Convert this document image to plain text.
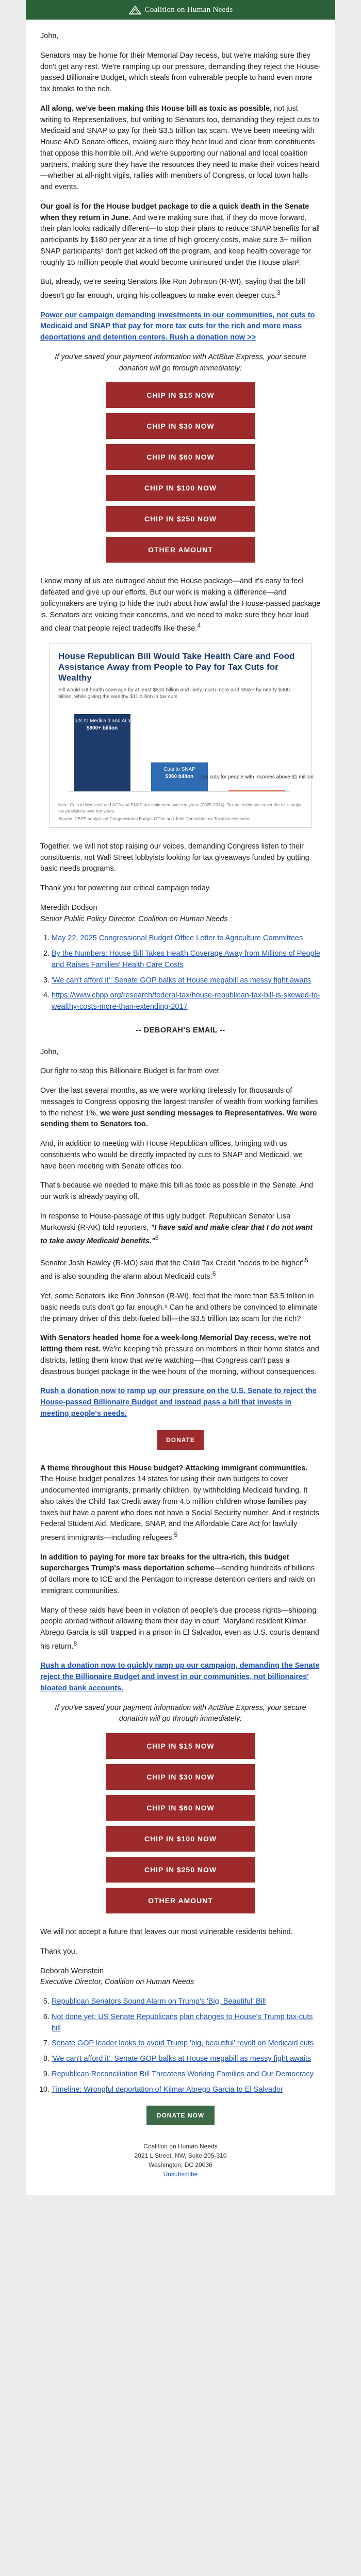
Coalition on Human Needs

John,

Senators may be home for their Memorial Day recess, but we're making sure they don't get any rest. We're ramping up our pressure, demanding they reject the House-passed Billionaire Budget, which steals from vulnerable people to hand even more tax breaks to the rich.

All along, we've been making this House bill as toxic as possible, not just writing to Representatives, but writing to Senators too, demanding they reject cuts to Medicaid and SNAP to pay for their $3.5 trillion tax scam. We've been meeting with House AND Senate offices, making sure they hear loud and clear from constituents that oppose this horrible bill. And we're supporting our national and local coalition partners, making sure they have the resources they need to make their voices heard—whether at all-night vigils, rallies with members of Congress, or local town halls and events.

Our goal is for the House budget package to die a quick death in the Senate when they return in June. And we're making sure that, if they do move forward, their plan looks radically different—to stop their plans to reduce SNAP benefits for all participants by $180 per year at a time of high grocery costs, make sure 3+ million SNAP participants¹ don't get kicked off the program, and keep health coverage for roughly 15 million people that would become uninsured under the House plan².

But, already, we're seeing Senators like Ron Johnson (R-WI), saying that the bill doesn't go far enough, urging his colleagues to make even deeper cuts.$^3$

Power our campaign demanding investments in our communities, not cuts to Medicaid and SNAP that pay for more tax cuts for the rich and more mass deportations and detention centers. Rush a donation now >>

If you've saved your payment information with ActBlue Express, your secure donation will go through immediately:

CHIP IN $15 NOW
CHIP IN $30 NOW
CHIP IN $60 NOW
CHIP IN $100 NOW
CHIP IN $250 NOW
OTHER AMOUNT

I know many of us are outraged about the House package—and it's easy to feel defeated and give up our efforts. But our work is making a difference—and policymakers are trying to hide the truth about how awful the House-passed package is. Senators are voicing their concerns, and we need to make sure they hear loud and clear that people reject tradeoffs like these.$^4$

House Republican Bill Would Take Health Care and Food Assistance Away from People to Pay for Tax Cuts for Wealthy
Bill would cut health coverage by at least $800 billion and likely much more and SNAP by nearly $300 billion, while giving the wealthy $11 billion in tax cuts
Cuts to Medicaid and ACA
$800+ billion
Cuts to SNAP
$300 billion Tax cuts for people with incomes above $1 million
Note: Cuts to Medicaid and ACA and SNAP are estimated over ten years (2025-2034). Tax cut estimates cover the bill's major tax provisions over ten years.
Source: CBPP analysis of Congressional Budget Office and Joint Committee on Taxation estimates

Together, we will not stop raising our voices, demanding Congress listen to their constituents, not Wall Street lobbyists looking for tax giveaways funded by gutting basic needs programs.

Thank you for powering our critical campaign today.

Meredith Dodson
Senior Public Policy Director, Coalition on Human Needs

1. May 22, 2025 Congressional Budget Office Letter to Agriculture Committees
2. By the Numbers: House Bill Takes Health Coverage Away from Millions of People and Raises Families' Health Care Costs
3. 'We can't afford it': Senate GOP balks at House megabill as messy fight awaits
4. https://www.cbpp.org/research/federal-tax/house-republican-tax-bill-is-skewed-to-wealthy-costs-more-than-extending-2017
-- DEBORAH'S EMAIL --

John,

Our fight to stop this Billionaire Budget is far from over.

Over the last several months, as we were working tirelessly for thousands of messages to Congress opposing the largest transfer of wealth from working families to the richest 1%, we were just sending messages to Representatives. We were sending them to Senators too.

And, in addition to meeting with House Republican offices, bringing with us constituents who would be directly impacted by cuts to SNAP and Medicaid, we have been meeting with Senate offices too.

That's because we needed to make this bill as toxic as possible in the Senate. And our work is already paying off.

In response to House-passage of this ugly budget, Republican Senator Lisa Murkowski (R-AK) told reporters, "I have said and make clear that I do not want to take away Medicaid benefits."$^5$

Senator Josh Hawley (R-MO) said that the Child Tax Credit "needs to be higher"$^5$ and is also sounding the alarm about Medicaid cuts.$^6$

Yet, some Senators like Ron Johnson (R-WI), feel that the more than $3.5 trillion in basic needs cuts don't go far enough.⁶ Can he and others be convinced to eliminate the primary driver of this debt-fueled bill—the $3.5 trillion tax scam for the rich?

With Senators headed home for a week-long Memorial Day recess, we're not letting them rest. We're keeping the pressure on members in their home states and districts, letting them know that we're watching—that Congress can't pass a disastrous budget package in the wee hours of the morning, without consequences.

Rush a donation now to ramp up our pressure on the U.S. Senate to reject the House-passed Billionaire Budget and instead pass a bill that invests in meeting people's needs.

DONATE

A theme throughout this House budget? Attacking immigrant communities. The House budget penalizes 14 states for using their own budgets to cover undocumented immigrants, primarily children, by withholding Medicaid funding. It also takes the Child Tax Credit away from 4.5 million children whose families pay taxes but have a parent who does not have a Social Security number. And it restricts Federal Student Aid, Medicare, SNAP, and the Affordable Care Act for lawfully present immigrants—including refugees.$^5$

In addition to paying for more tax breaks for the ultra-rich, this budget supercharges Trump's mass deportation scheme—sending hundreds of billions of dollars more to ICE and the Pentagon to increase detention centers and raids on immigrant communities.

Many of these raids have been in violation of people's due process rights—shipping people abroad without allowing them their day in court. Maryland resident Kilmar Abrego Garcia is still trapped in a prison in El Salvador, even as U.S. courts demand his return.$^8$

Rush a donation now to quickly ramp up our campaign, demanding the Senate reject the Billionaire Budget and invest in our communities, not billionaires' bloated bank accounts.

If you've saved your payment information with ActBlue Express, your secure donation will go through immediately:

CHIP IN $15 NOW
CHIP IN $30 NOW
CHIP IN $60 NOW
CHIP IN $100 NOW
CHIP IN $250 NOW
OTHER AMOUNT

We will not accept a future that leaves our most vulnerable residents behind.

Thank you,

Deborah Weinstein
Executive Director, Coalition on Human Needs

5. Republican Senators Sound Alarm on Trump's 'Big, Beautiful' Bill
6. Not done yet: US Senate Republicans plan changes to House's Trump tax-cuts bill
7. Senate GOP leader looks to avoid Trump 'big, beautiful' revolt on Medicaid cuts
8. 'We can't afford it': Senate GOP balks at House megabill as messy fight awaits
9. Republican Reconciliation Bill Threatens Working Families and Our Democracy
10. Timeline: Wrongful deportation of Kilmar Abrego Garcia to El Salvador
DONATE NOW
Coalition on Human Needs
2021 L Street, NW, Suite 205-310
Washington, DC 20036
Unsubscribe
